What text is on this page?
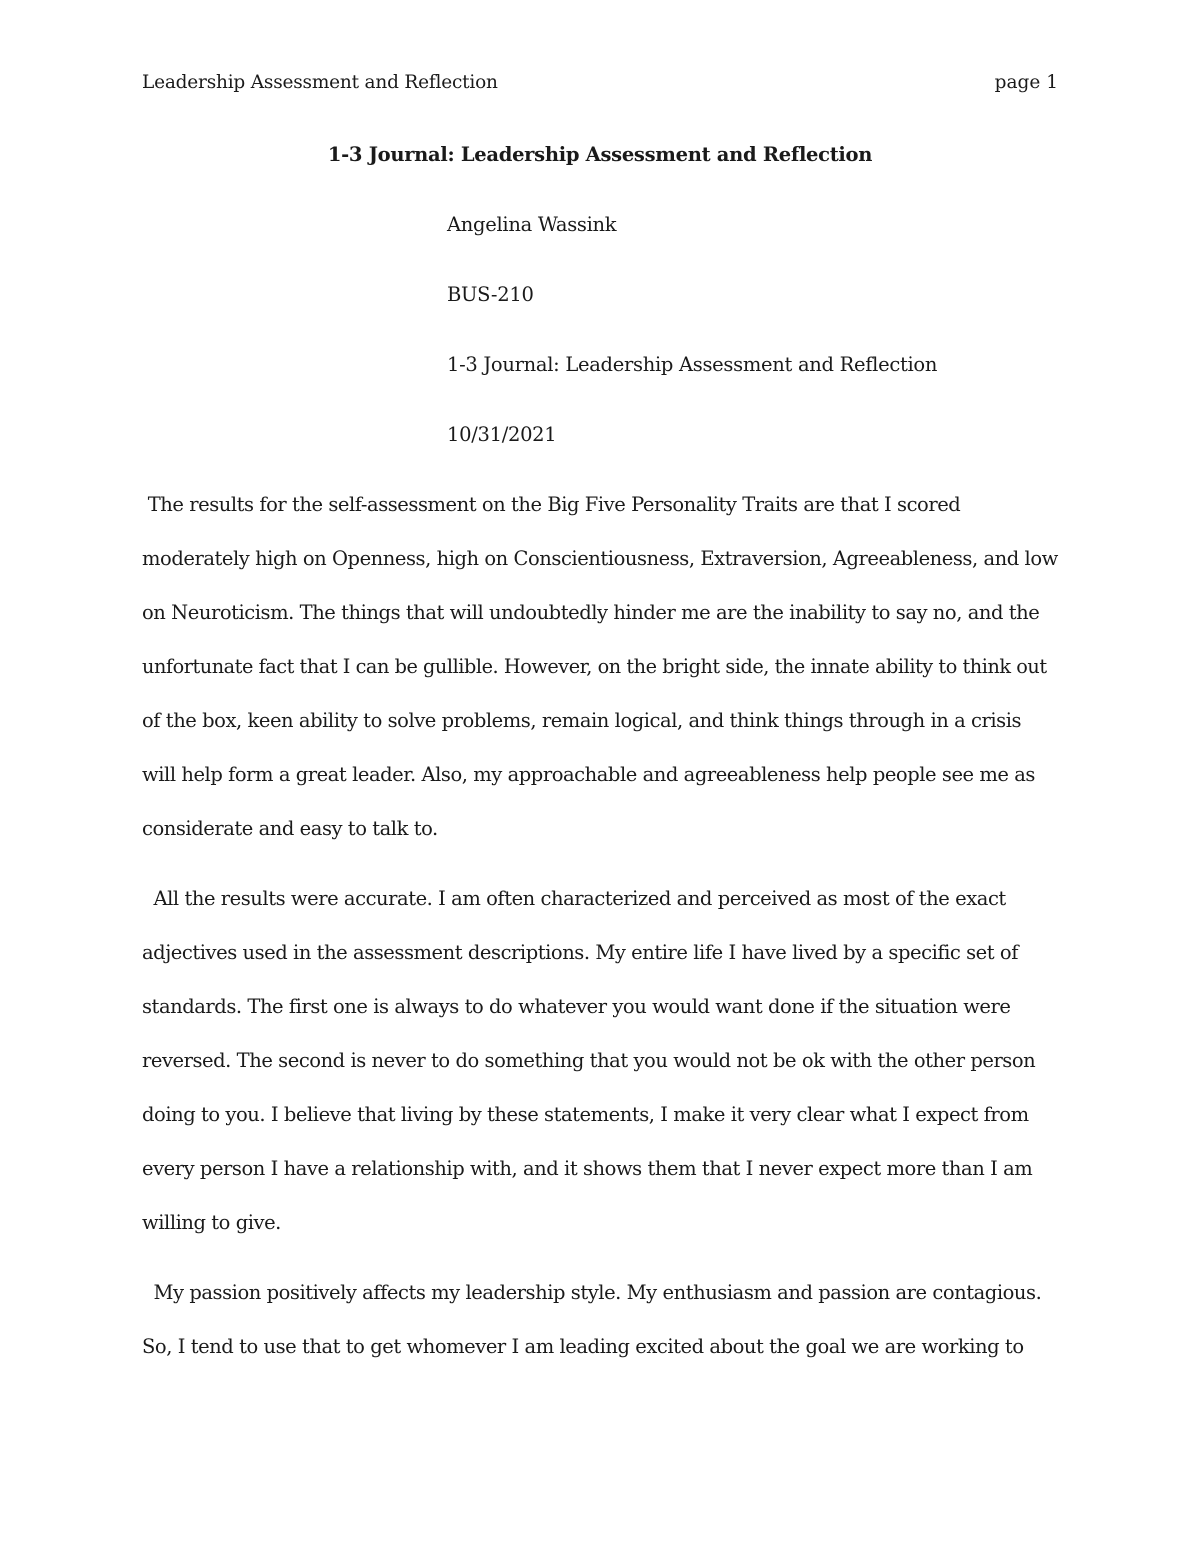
Leadership Assessment and Reflection	page 1
1-3 Journal: Leadership Assessment and Reflection
Angelina Wassink
BUS-210
1-3 Journal: Leadership Assessment and Reflection
10/31/2021
The results for the self-assessment on the Big Five Personality Traits are that I scored
moderately high on Openness, high on Conscientiousness, Extraversion, Agreeableness, and low
on Neuroticism. The things that will undoubtedly hinder me are the inability to say no, and the
unfortunate fact that I can be gullible. However, on the bright side, the innate ability to think out
of the box, keen ability to solve problems, remain logical, and think things through in a crisis
will help form a great leader. Also, my approachable and agreeableness help people see me as
considerate and easy to talk to.
All the results were accurate. I am often characterized and perceived as most of the exact
adjectives used in the assessment descriptions. My entire life I have lived by a specific set of
standards. The first one is always to do whatever you would want done if the situation were
reversed. The second is never to do something that you would not be ok with the other person
doing to you. I believe that living by these statements, I make it very clear what I expect from
every person I have a relationship with, and it shows them that I never expect more than I am
willing to give.
My passion positively affects my leadership style. My enthusiasm and passion are contagious.
So, I tend to use that to get whomever I am leading excited about the goal we are working to
